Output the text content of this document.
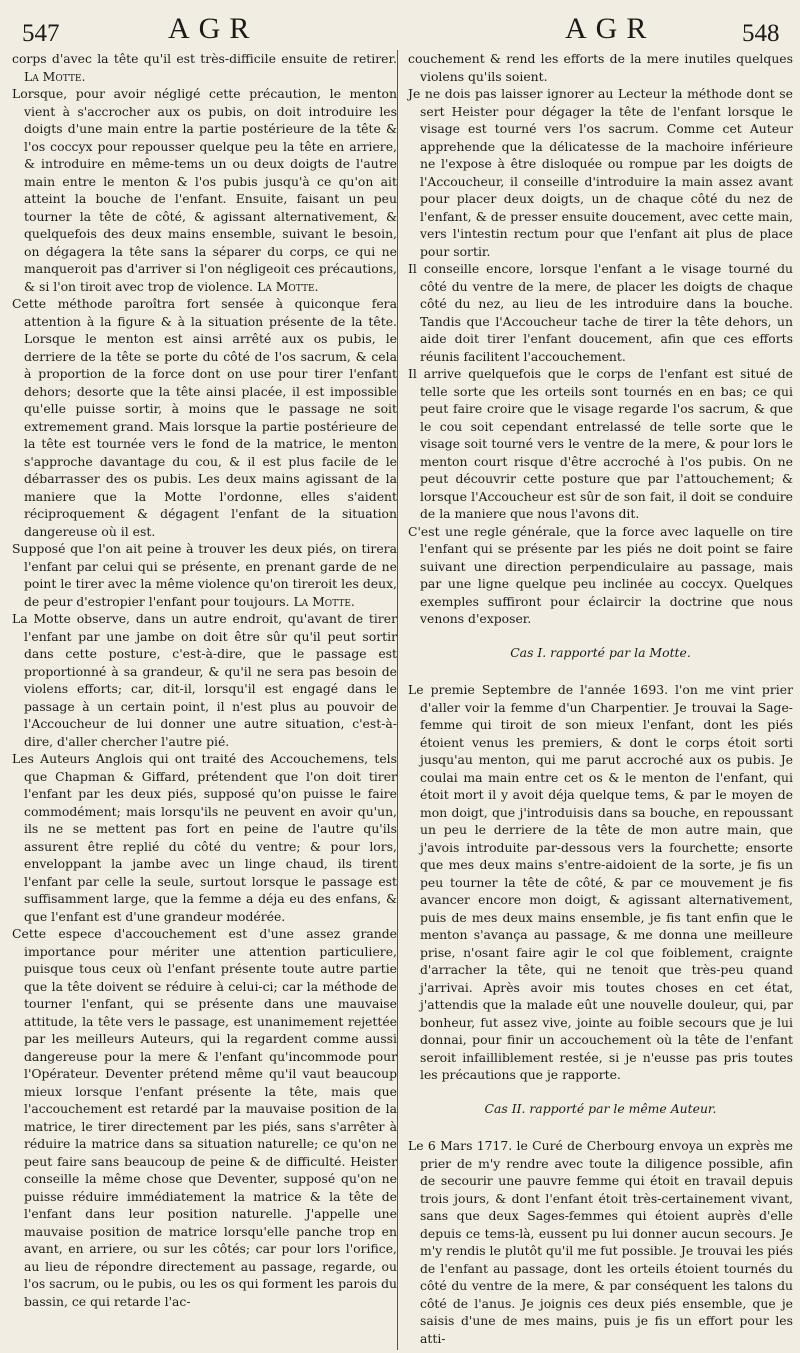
547	AGR	AGR	548

corps d'avec la tête qu'il est très-difficile ensuite de retirer. La Motte.

Lorsque, pour avoir négligé cette précaution, le menton vient à s'accrocher aux os pubis, on doit introduire les doigts d'une main entre la partie postérieure de la tête & l'os coccyx pour repousser quelque peu la tête en arriere, & introduire en même-tems un ou deux doigts de l'autre main entre le menton & l'os pubis jusqu'à ce qu'on ait atteint la bouche de l'enfant. Ensuite, faisant un peu tourner la tête de côté, & agissant alternativement, & quelquefois des deux mains ensemble, suivant le besoin, on dégagera la tête sans la séparer du corps, ce qui ne manqueroit pas d'arriver si l'on négligeoit ces précautions, & si l'on tiroit avec trop de violence. La Motte.

Cette méthode paroîtra fort sensée à quiconque fera attention à la figure & à la situation présente de la tête. Lorsque le menton est ainsi arrêté aux os pubis, le derriere de la tête se porte du côté de l'os sacrum, & cela à proportion de la force dont on use pour tirer l'enfant dehors; desorte que la tête ainsi placée, il est impossible qu'elle puisse sortir, à moins que le passage ne soit extremement grand. Mais lorsque la partie postérieure de la tête est tournée vers le fond de la matrice, le menton s'approche davantage du cou, & il est plus facile de le débarrasser des os pubis. Les deux mains agissant de la maniere que la Motte l'ordonne, elles s'aident réciproquement & dégagent l'enfant de la situation dangereuse où il est.

Supposé que l'on ait peine à trouver les deux piés, on tirera l'enfant par celui qui se présente, en prenant garde de ne point le tirer avec la même violence qu'on tireroit les deux, de peur d'estropier l'enfant pour toujours. La Motte.

La Motte observe, dans un autre endroit, qu'avant de tirer l'enfant par une jambe on doit être sûr qu'il peut sortir dans cette posture, c'est-à-dire, que le passage est proportionné à sa grandeur, & qu'il ne sera pas besoin de violens efforts; car, dit-il, lorsqu'il est engagé dans le passage à un certain point, il n'est plus au pouvoir de l'Accoucheur de lui donner une autre situation, c'est-à-dire, d'aller chercher l'autre pié.

Les Auteurs Anglois qui ont traité des Accouchemens, tels que Chapman & Giffard, prétendent que l'on doit tirer l'enfant par les deux piés, supposé qu'on puisse le faire commodément; mais lorsqu'ils ne peuvent en avoir qu'un, ils ne se mettent pas fort en peine de l'autre qu'ils assurent être replié du côté du ventre; & pour lors, enveloppant la jambe avec un linge chaud, ils tirent l'enfant par celle la seule, surtout lorsque le passage est suffisamment large, que la femme a déja eu des enfans, & que l'enfant est d'une grandeur modérée.

Cette espece d'accouchement est d'une assez grande importance pour mériter une attention particuliere, puisque tous ceux où l'enfant présente toute autre partie que la tête doivent se réduire à celui-ci; car la méthode de tourner l'enfant, qui se présente dans une mauvaise attitude, la tête vers le passage, est unanimement rejettée par les meilleurs Auteurs, qui la regardent comme aussi dangereuse pour la mere & l'enfant qu'incommode pour l'Opérateur. Deventer prétend même qu'il vaut beaucoup mieux lorsque l'enfant présente la tête, mais que l'accouchement est retardé par la mauvaise position de la matrice, le tirer directement par les piés, sans s'arrêter à réduire la matrice dans sa situation naturelle; ce qu'on ne peut faire sans beaucoup de peine & de difficulté. Heister conseille la même chose que Deventer, supposé qu'on ne puisse réduire immédiatement la matrice & la tête de l'enfant dans leur position naturelle. J'appelle une mauvaise position de matrice lorsqu'elle panche trop en avant, en arriere, ou sur les côtés; car pour lors l'orifice, au lieu de répondre directement au passage, regarde, ou l'os sacrum, ou le pubis, ou les os qui forment les parois du bassin, ce qui retarde l'ac-

couchement & rend les efforts de la mere inutiles quelques violens qu'ils soient.

Je ne dois pas laisser ignorer au Lecteur la méthode dont se sert Heister pour dégager la tête de l'enfant lorsque le visage est tourné vers l'os sacrum. Comme cet Auteur apprehende que la délicatesse de la machoire inférieure ne l'expose à être disloquée ou rompue par les doigts de l'Accoucheur, il conseille d'introduire la main assez avant pour placer deux doigts, un de chaque côté du nez de l'enfant, & de presser ensuite doucement, avec cette main, vers l'intestin rectum pour que l'enfant ait plus de place pour sortir.

Il conseille encore, lorsque l'enfant a le visage tourné du côté du ventre de la mere, de placer les doigts de chaque côté du nez, au lieu de les introduire dans la bouche. Tandis que l'Accoucheur tache de tirer la tête dehors, un aide doit tirer l'enfant doucement, afin que ces efforts réunis facilitent l'accouchement.

Il arrive quelquefois que le corps de l'enfant est situé de telle sorte que les orteils sont tournés en en bas; ce qui peut faire croire que le visage regarde l'os sacrum, & que le cou soit cependant entrelassé de telle sorte que le visage soit tourné vers le ventre de la mere, & pour lors le menton court risque d'être accroché à l'os pubis. On ne peut découvrir cette posture que par l'attouchement; & lorsque l'Accoucheur est sûr de son fait, il doit se conduire de la maniere que nous l'avons dit.

C'est une regle générale, que la force avec laquelle on tire l'enfant qui se présente par les piés ne doit point se faire suivant une direction perpendiculaire au passage, mais par une ligne quelque peu inclinée au coccyx. Quelques exemples suffiront pour éclaircir la doctrine que nous venons d'exposer.

Cas I. rapporté par la Motte.

Le premie Septembre de l'année 1693. l'on me vint prier d'aller voir la femme d'un Charpentier. Je trouvai la Sage-femme qui tiroit de son mieux l'enfant, dont les piés étoient venus les premiers, & dont le corps étoit sorti jusqu'au menton, qui me parut accroché aux os pubis. Je coulai ma main entre cet os & le menton de l'enfant, qui étoit mort il y avoit déja quelque tems, & par le moyen de mon doigt, que j'introduisis dans sa bouche, en repoussant un peu le derriere de la tête de mon autre main, que j'avois introduite par-dessous vers la fourchette; ensorte que mes deux mains s'entre-aidoient de la sorte, je fis un peu tourner la tête de côté, & par ce mouvement je fis avancer encore mon doigt, & agissant alternativement, puis de mes deux mains ensemble, je fis tant enfin que le menton s'avança au passage, & me donna une meilleure prise, n'osant faire agir le col que foiblement, craignte d'arracher la tête, qui ne tenoit que très-peu quand j'arrivai. Après avoir mis toutes choses en cet état, j'attendis que la malade eût une nouvelle douleur, qui, par bonheur, fut assez vive, jointe au foible secours que je lui donnai, pour finir un accouchement où la tête de l'enfant seroit infailliblement restée, si je n'eusse pas pris toutes les précautions que je rapporte.

Cas II. rapporté par le même Auteur.

Le 6 Mars 1717. le Curé de Cherbourg envoya un exprès me prier de m'y rendre avec toute la diligence possible, afin de secourir une pauvre femme qui étoit en travail depuis trois jours, & dont l'enfant étoit très-certainement vivant, sans que deux Sages-femmes qui étoient auprès d'elle depuis ce tems-là, eussent pu lui donner aucun secours. Je m'y rendis le plutôt qu'il me fut possible. Je trouvai les piés de l'enfant au passage, dont les orteils étoient tournés du côté du ventre de la mere, & par conséquent les talons du côté de l'anus. Je joignis ces deux piés ensemble, que je saisis d'une de mes mains, puis je fis un effort pour les atti-
